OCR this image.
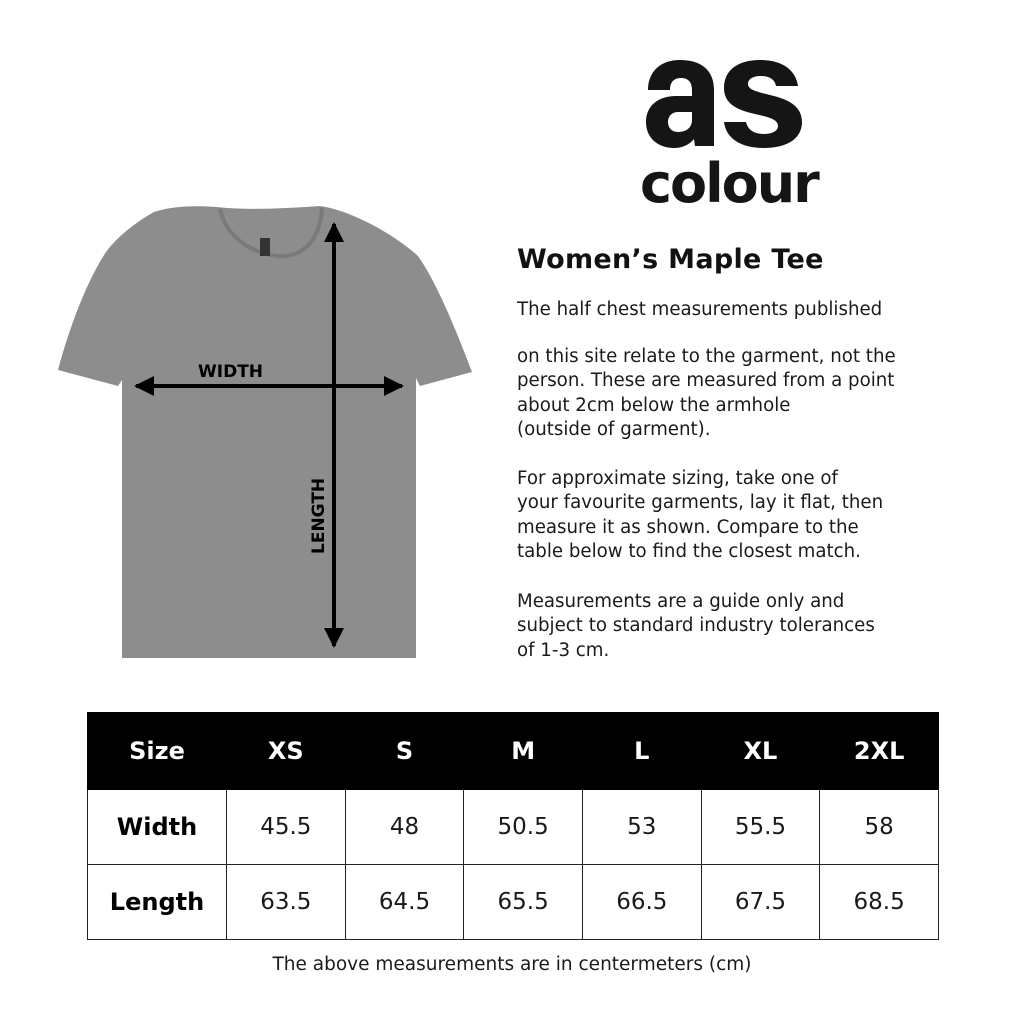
colour
WIDTH
LENGTH
Women’s Maple Tee

The half chest measurements published

on this site relate to the garment, not the
person. These are measured from a point
about 2cm below the armhole
(outside of garment).

For approximate sizing, take one of
your favourite garments, lay it flat, then
measure it as shown. Compare to the
table below to find the closest match.

Measurements are a guide only and
subject to standard industry tolerances
of 1-3 cm.

Size	XS	S	M	L	XL	2XL
Width	45.5	48	50.5	53	55.5	58
Length	63.5	64.5	65.5	66.5	67.5	68.5
The above measurements are in centermeters (cm)
